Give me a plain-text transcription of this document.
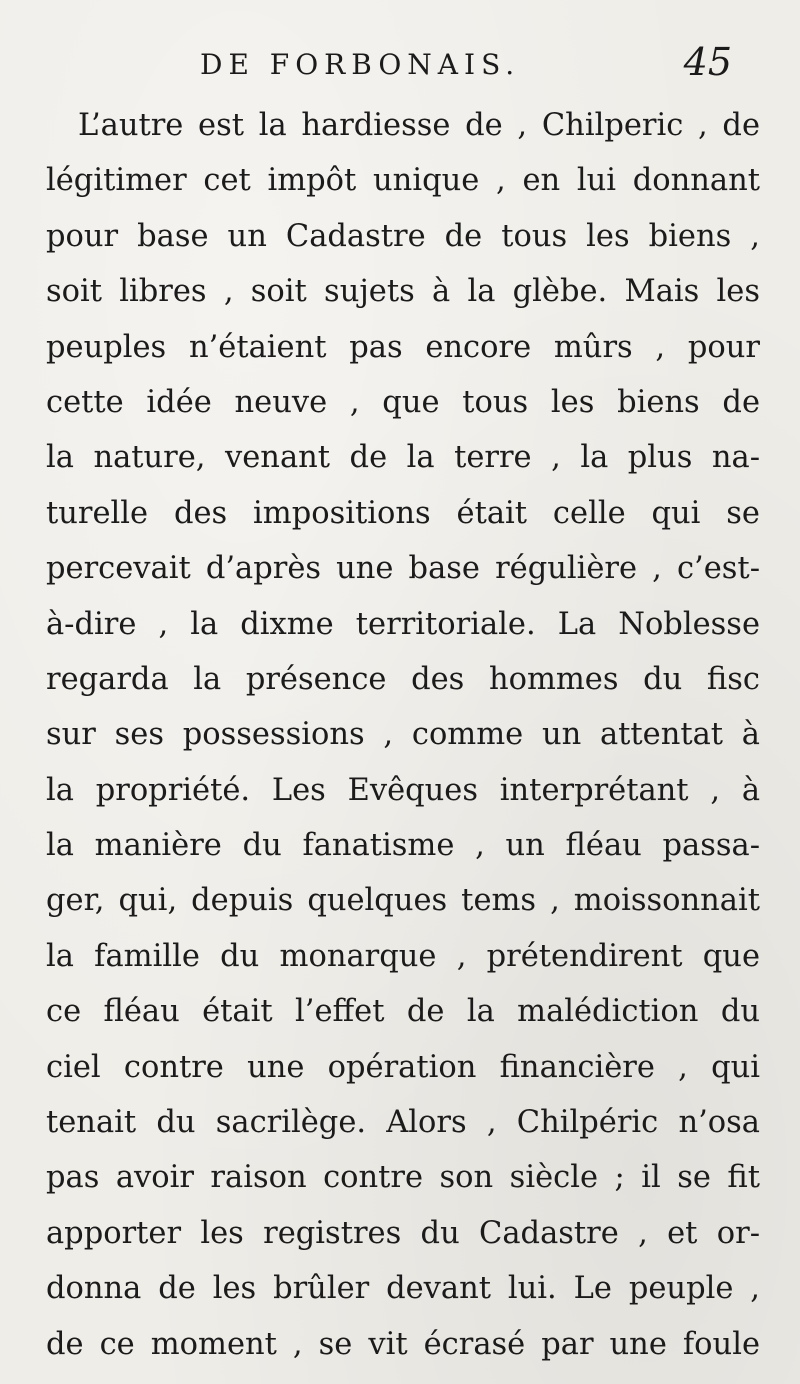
DE FORBONAIS.	45
L’autre est la hardiesse de , Chilperic , de
légitimer cet impôt unique , en lui donnant
pour base un Cadastre de tous les biens ,
soit libres , soit sujets à la glèbe. Mais les
peuples n’étaient pas encore mûrs , pour
cette idée neuve , que tous les biens de
la nature, venant de la terre , la plus na-
turelle des impositions était celle qui se
percevait d’après une base régulière , c’est-
à-dire , la dixme territoriale. La Noblesse
regarda la présence des hommes du fisc
sur ses possessions , comme un attentat à
la propriété. Les Evêques interprétant , à
la manière du fanatisme , un fléau passa-
ger, qui, depuis quelques tems , moissonnait
la famille du monarque , prétendirent que
ce fléau était l’effet de la malédiction du
ciel contre une opération financière , qui
tenait du sacrilège. Alors , Chilpéric n’osa
pas avoir raison contre son siècle ; il se fit
apporter les registres du Cadastre , et or-
donna de les brûler devant lui. Le peuple ,
de ce moment , se vit écrasé par une foule
